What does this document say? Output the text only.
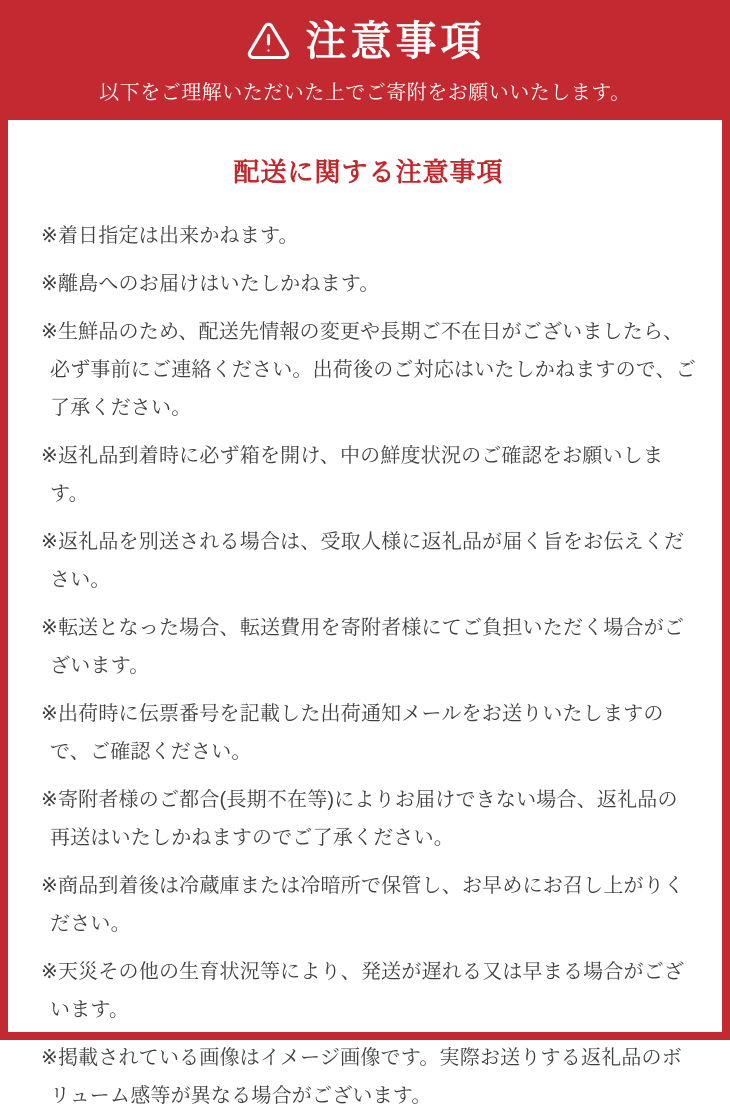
注意事項

以下をご理解いただいた上でご寄附をお願いいたします。

配送に関する注意事項
※着日指定は出来かねます。
※離島へのお届けはいたしかねます。
※生鮮品のため、配送先情報の変更や長期ご不在日がございましたら、必ず事前にご連絡ください。出荷後のご対応はいたしかねますので、ご了承ください。
※返礼品到着時に必ず箱を開け、中の鮮度状況のご確認をお願いします。
※返礼品を別送される場合は、受取人様に返礼品が届く旨をお伝えください。
※転送となった場合、転送費用を寄附者様にてご負担いただく場合がございます。
※出荷時に伝票番号を記載した出荷通知メールをお送りいたしますので、ご確認ください。
※寄附者様のご都合(長期不在等)によりお届けできない場合、返礼品の再送はいたしかねますのでご了承ください。
※商品到着後は冷蔵庫または冷暗所で保管し、お早めにお召し上がりください。
※天災その他の生育状況等により、発送が遅れる又は早まる場合がございます。
※掲載されている画像はイメージ画像です。実際お送りする返礼品のボリューム感等が異なる場合がございます。
